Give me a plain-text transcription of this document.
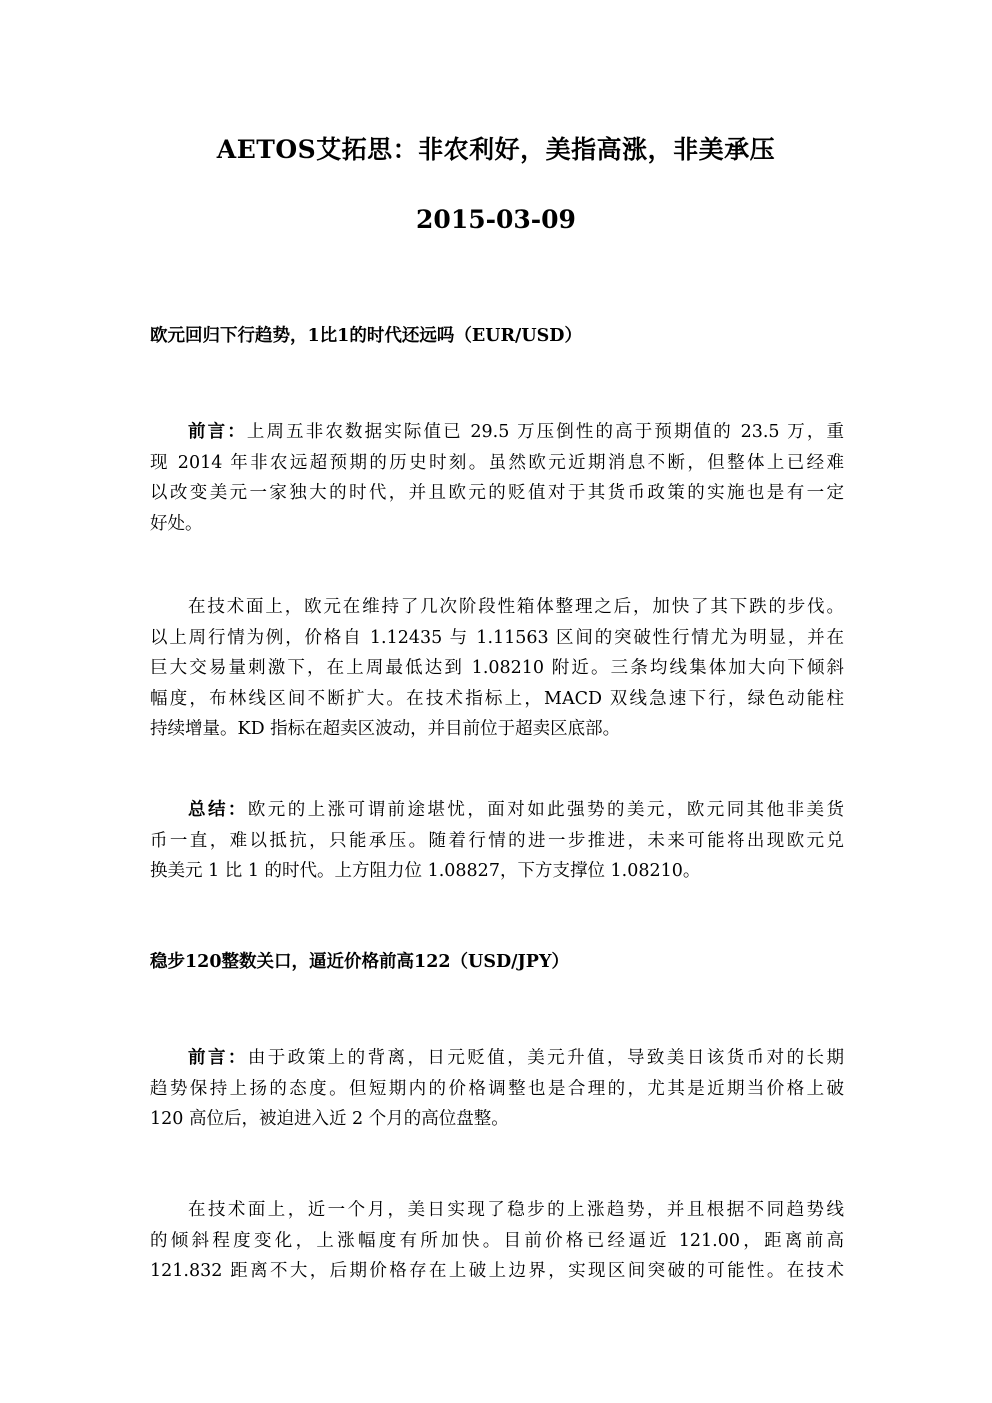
AETOS艾拓思：非农利好，美指高涨，非美承压
2015-03-09
欧元回归下行趋势，1比1的时代还远吗（EUR/USD）
前言：上周五非农数据实际值已 29.5 万压倒性的高于预期值的 23.5 万，重
现 2014 年非农远超预期的历史时刻。虽然欧元近期消息不断，但整体上已经难
以改变美元一家独大的时代，并且欧元的贬值对于其货币政策的实施也是有一定
好处。
在技术面上，欧元在维持了几次阶段性箱体整理之后，加快了其下跌的步伐。
以上周行情为例，价格自 1.12435 与 1.11563 区间的突破性行情尤为明显，并在
巨大交易量刺激下，在上周最低达到 1.08210 附近。三条均线集体加大向下倾斜
幅度，布林线区间不断扩大。在技术指标上，MACD 双线急速下行，绿色动能柱
持续增量。KD 指标在超卖区波动，并目前位于超卖区底部。
总结：欧元的上涨可谓前途堪忧，面对如此强势的美元，欧元同其他非美货
币一直，难以抵抗，只能承压。随着行情的进一步推进，未来可能将出现欧元兑
换美元 1 比 1 的时代。上方阻力位 1.08827，下方支撑位 1.08210。
稳步120整数关口，逼近价格前高122（USD/JPY）
前言：由于政策上的背离，日元贬值，美元升值，导致美日该货币对的长期
趋势保持上扬的态度。但短期内的价格调整也是合理的，尤其是近期当价格上破
120 高位后，被迫进入近 2 个月的高位盘整。
在技术面上，近一个月，美日实现了稳步的上涨趋势，并且根据不同趋势线
的倾斜程度变化，上涨幅度有所加快。目前价格已经逼近 121.00，距离前高
121.832 距离不大，后期价格存在上破上边界，实现区间突破的可能性。在技术
